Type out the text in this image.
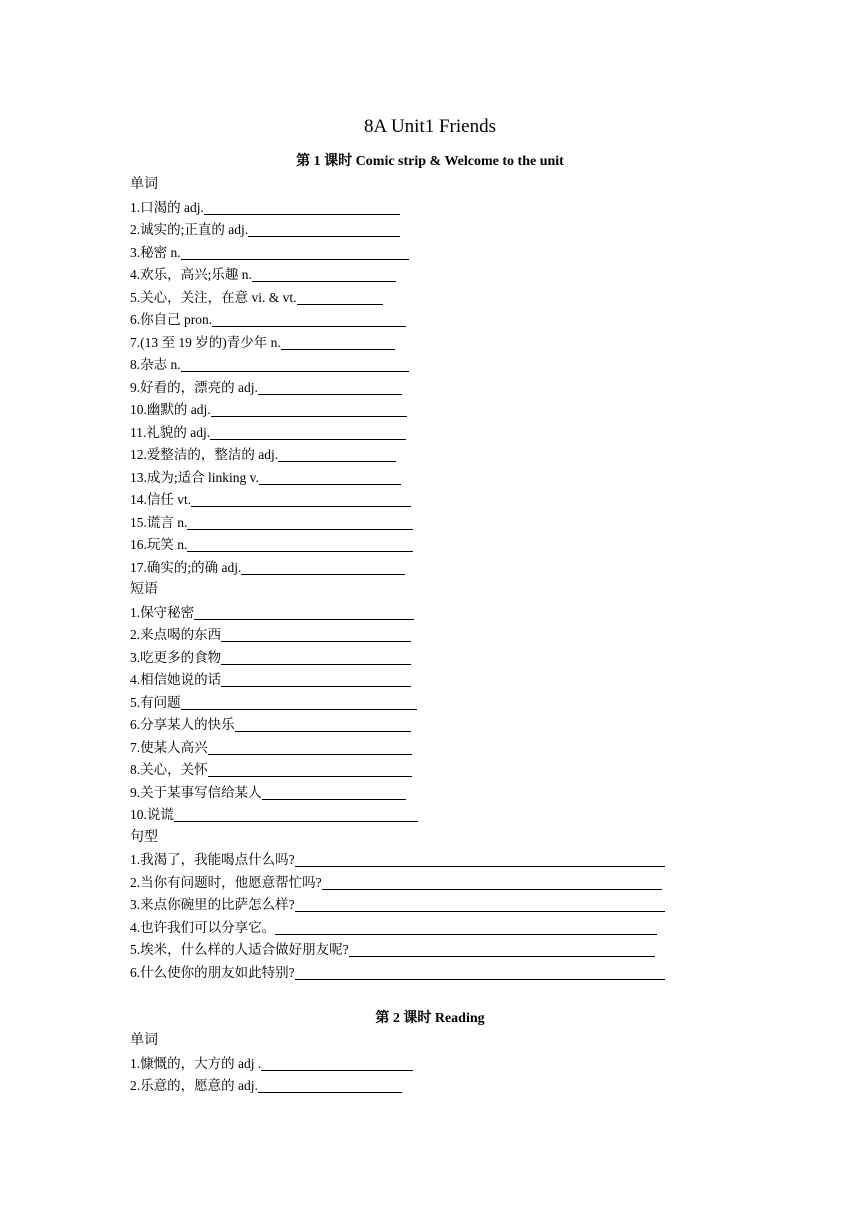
8A Unit1 Friends
第 1 课时 Comic strip & Welcome to the unit
单词
1.口渴的 adj.
2.诚实的;正直的 adj.
3.秘密 n.
4.欢乐，高兴;乐趣 n.
5.关心，关注，在意 vi. & vt.
6.你自己 pron.
7.(13 至 19 岁的)青少年 n.
8.杂志 n.
9.好看的，漂亮的 adj.
10.幽默的 adj.
11.礼貌的 adj.
12.爱整洁的，整洁的 adj.
13.成为;适合 linking v.
14.信任 vt.
15.谎言 n.
16.玩笑 n.
17.确实的;的确 adj.
短语
1.保守秘密
2.来点喝的东西
3.吃更多的食物
4.相信她说的话
5.有问题
6.分享某人的快乐
7.使某人高兴
8.关心，关怀
9.关于某事写信给某人
10.说谎
句型
1.我渴了，我能喝点什么吗?
2.当你有问题时，他愿意帮忙吗?
3.来点你碗里的比萨怎么样?
4.也许我们可以分享它。
5.埃米，什么样的人适合做好朋友呢?
6.什么使你的朋友如此特别?
第 2 课时 Reading
单词
1.慷慨的，大方的 adj .
2.乐意的，愿意的 adj.
